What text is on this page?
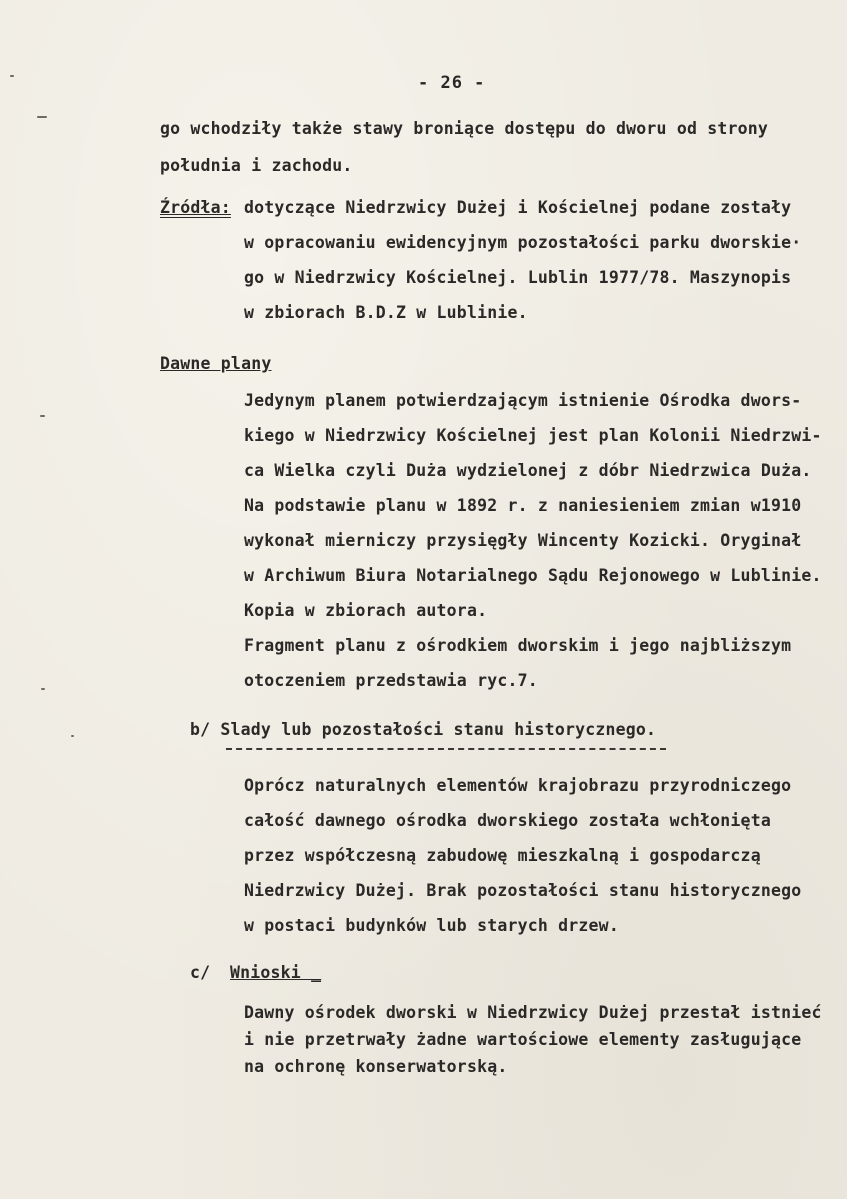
- 26 -
go wchodziły także stawy broniące dostępu do dworu od strony
południa i zachodu.
Źródła: dotyczące Niedrzwicy Dużej i Kościelnej podane zostały
w opracowaniu ewidencyjnym pozostałości parku dworskie·
go w Niedrzwicy Kościelnej. Lublin 1977/78. Maszynopis
w zbiorach B.D.Z w Lublinie.
Dawne plany
Jedynym planem potwierdzającym istnienie Ośrodka dwors-
kiego w Niedrzwicy Kościelnej jest plan Kolonii Niedrzwi-
ca Wielka czyli Duża wydzielonej z dóbr Niedrzwica Duża.
Na podstawie planu w 1892 r. z naniesieniem zmian w1910
wykonał mierniczy przysięgły Wincenty Kozicki. Oryginał
w Archiwum Biura Notarialnego Sądu Rejonowego w Lublinie.
Kopia w zbiorach autora.
Fragment planu z ośrodkiem dworskim i jego najbliższym
otoczeniem przedstawia ryc.7.
b/ Slady lub pozostałości stanu historycznego.
Oprócz naturalnych elementów krajobrazu przyrodniczego
całość dawnego ośrodka dworskiego została wchłonięta
przez współczesną zabudowę mieszkalną i gospodarczą
Niedrzwicy Dużej. Brak pozostałości stanu historycznego
w postaci budynków lub starych drzew.
c/ Wnioski _
Dawny ośrodek dworski w Niedrzwicy Dużej przestał istnieć
i nie przetrwały żadne wartościowe elementy zasługujące
na ochronę konserwatorską.
